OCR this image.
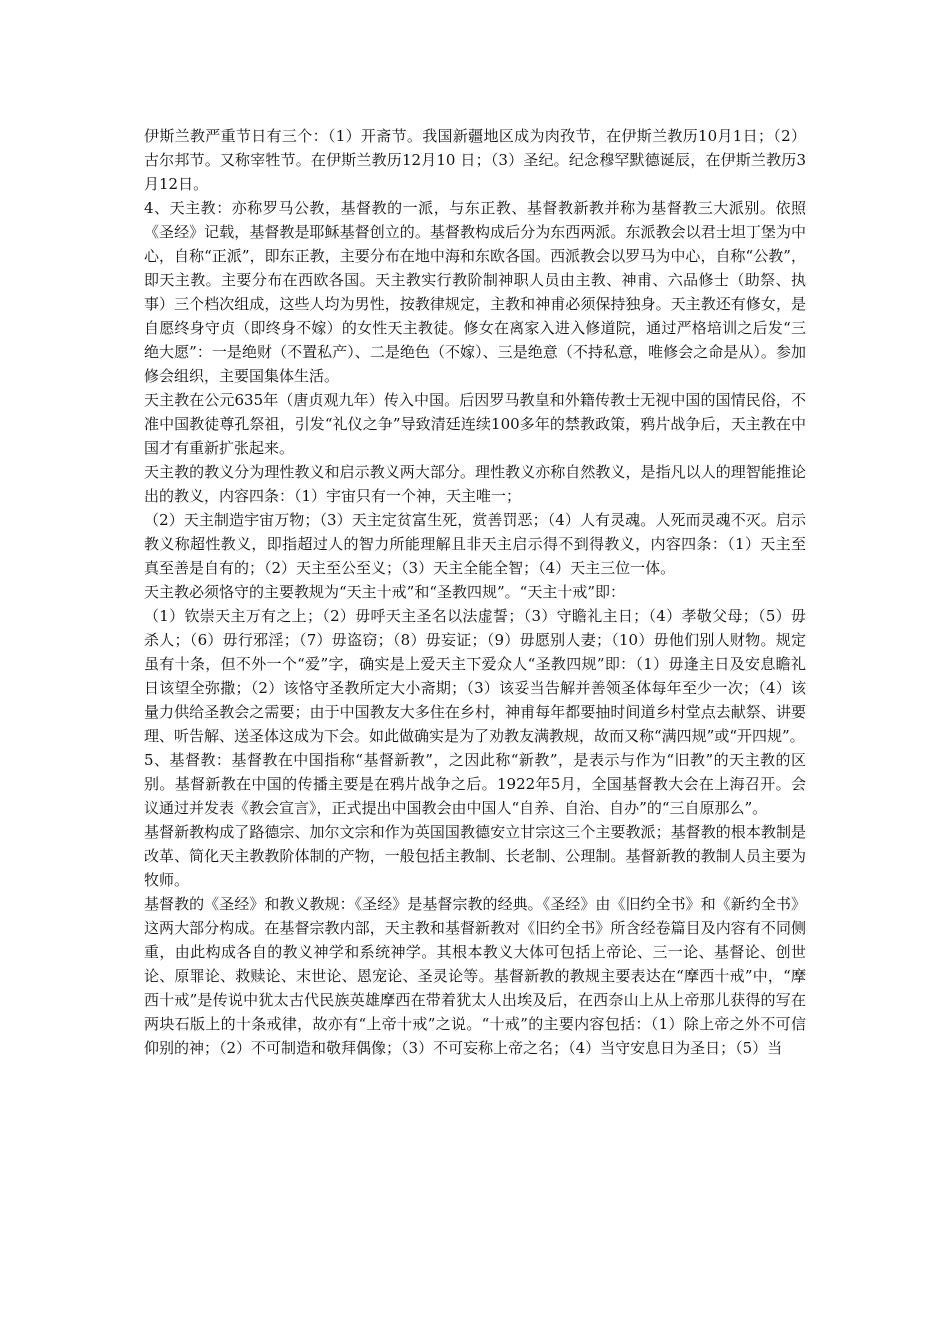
伊斯兰教严重节日有三个：（1）开斋节。我国新疆地区成为肉孜节，在伊斯兰教历10月1日；（2）古尔邦节。又称宰牲节。在伊斯兰教历12月10 日；（3）圣纪。纪念穆罕默德诞辰，在伊斯兰教历3月12日。

4、天主教：亦称罗马公教，基督教的一派，与东正教、基督教新教并称为基督教三大派别。依照《圣经》记载，基督教是耶稣基督创立的。基督教构成后分为东西两派。东派教会以君士坦丁堡为中心，自称“正派”，即东正教，主要分布在地中海和东欧各国。西派教会以罗马为中心，自称“公教”，即天主教。主要分布在西欧各国。天主教实行教阶制神职人员由主教、神甫、六品修士（助祭、执事）三个档次组成，这些人均为男性，按教律规定，主教和神甫必须保持独身。天主教还有修女，是自愿终身守贞（即终身不嫁）的女性天主教徒。修女在离家入进入修道院，通过严格培训之后发“三绝大愿”：一是绝财（不置私产）、二是绝色（不嫁）、三是绝意（不持私意，唯修会之命是从）。参加修会组织，主要国集体生活。

天主教在公元635年（唐贞观九年）传入中国。后因罗马教皇和外籍传教士无视中国的国情民俗，不准中国教徒尊孔祭祖，引发“礼仪之争”导致清廷连续100多年的禁教政策，鸦片战争后，天主教在中国才有重新扩张起来。

天主教的教义分为理性教义和启示教义两大部分。理性教义亦称自然教义，是指凡以人的理智能推论出的教义，内容四条：（1）宇宙只有一个神，天主唯一；

（2）天主制造宇宙万物；（3）天主定贫富生死，赏善罚恶；（4）人有灵魂。人死而灵魂不灭。启示教义称超性教义，即指超过人的智力所能理解且非天主启示得不到得教义，内容四条：（1）天主至真至善是自有的；（2）天主至公至义；（3）天主全能全智；（4）天主三位一体。

天主教必须恪守的主要教规为“天主十戒”和“圣教四规”。“天主十戒”即：

（1）钦崇天主万有之上；（2）毋呼天主圣名以法虚誓；（3）守瞻礼主日；（4）孝敬父母；（5）毋杀人；（6）毋行邪淫；（7）毋盗窃；（8）毋妄证；（9）毋愿别人妻；（10）毋他们别人财物。规定虽有十条，但不外一个“爱”字，确实是上爱天主下爱众人“圣教四规”即：（1）毋逢主日及安息瞻礼日该望全弥撒；（2）该恪守圣教所定大小斋期；（3）该妥当告解并善领圣体每年至少一次；（4）该量力供给圣教会之需要；由于中国教友大多住在乡村，神甫每年都要抽时间道乡村堂点去献祭、讲要理、听告解、送圣体这成为下会。如此做确实是为了劝教友满教规，故而又称“满四规”或“开四规”。

5、基督教：基督教在中国指称“基督新教”，之因此称“新教”，是表示与作为“旧教”的天主教的区别。基督新教在中国的传播主要是在鸦片战争之后。1922年5月，全国基督教大会在上海召开。会议通过并发表《教会宣言》，正式提出中国教会由中国人“自养、自治、自办”的“三自原那么”。

基督新教构成了路德宗、加尔文宗和作为英国国教德安立甘宗这三个主要教派；基督教的根本教制是改革、简化天主教教阶体制的产物，一般包括主教制、长老制、公理制。基督新教的教制人员主要为牧师。

基督教的《圣经》和教义教规：《圣经》是基督宗教的经典。《圣经》由《旧约全书》和《新约全书》这两大部分构成。在基督宗教内部，天主教和基督新教对《旧约全书》所含经卷篇目及内容有不同侧重，由此构成各自的教义神学和系统神学。其根本教义大体可包括上帝论、三一论、基督论、创世论、原罪论、救赎论、末世论、恩宠论、圣灵论等。基督新教的教规主要表达在“摩西十戒”中，“摩西十戒”是传说中犹太古代民族英雄摩西在带着犹太人出埃及后，在西奈山上从上帝那儿获得的写在两块石版上的十条戒律，故亦有“上帝十戒”之说。“十戒”的主要内容包括：（1）除上帝之外不可信仰别的神；（2）不可制造和敬拜偶像；（3）不可妄称上帝之名；（4）当守安息日为圣日；（5）当
